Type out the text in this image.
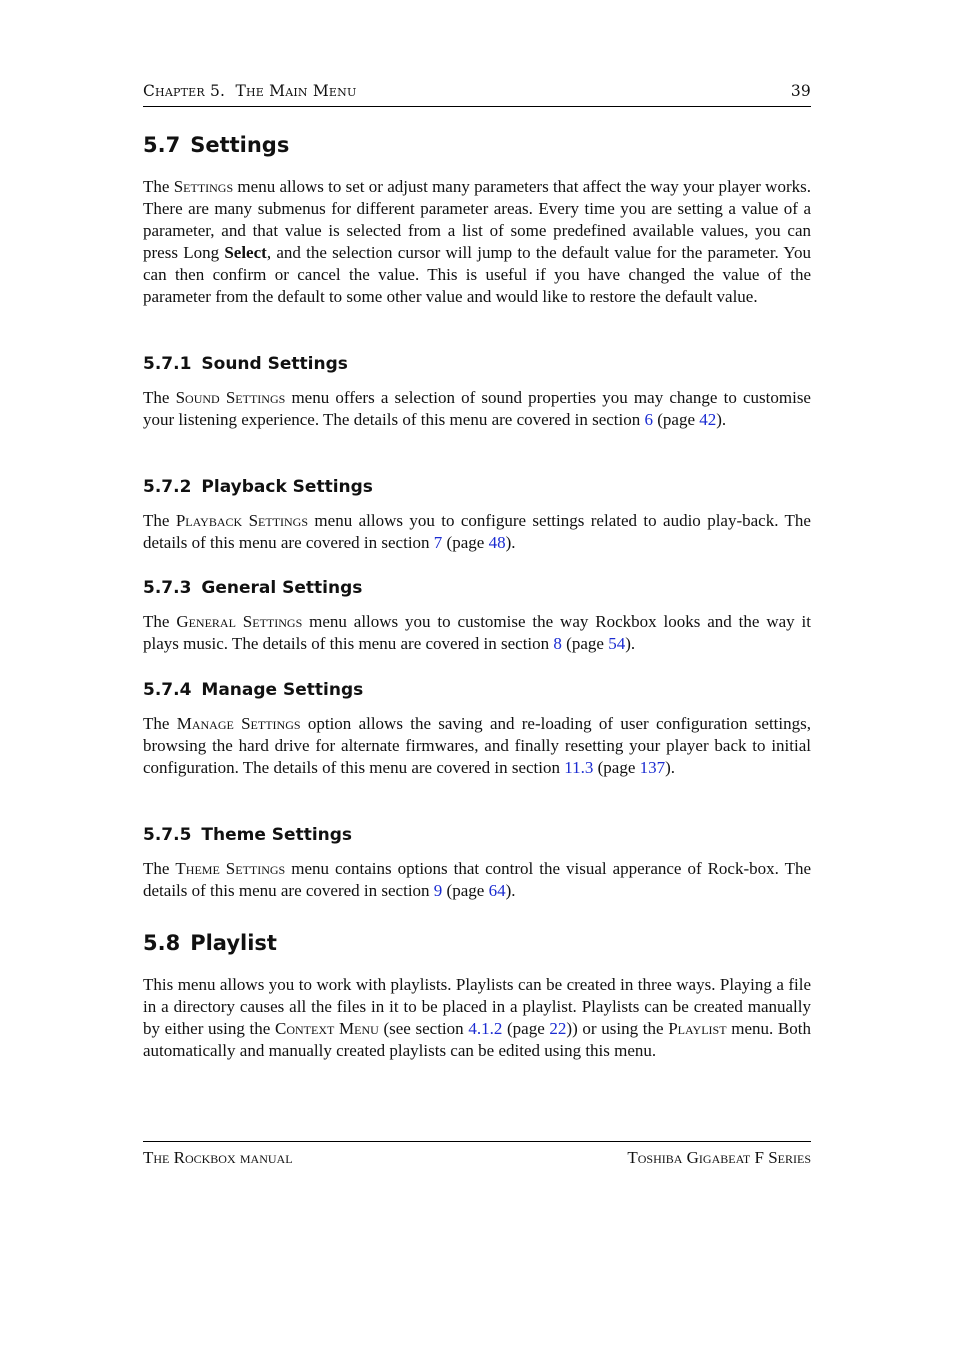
Chapter 5. The Main Menu	39
5.7 Settings

The Settings menu allows to set or adjust many parameters that affect the way your player works. There are many submenus for different parameter areas. Every time you are setting a value of a parameter, and that value is selected from a list of some predefined available values, you can press Long Select, and the selection cursor will jump to the default value for the parameter. You can then confirm or cancel the value. This is useful if you have changed the value of the parameter from the default to some other value and would like to restore the default value.

5.7.1 Sound Settings

The Sound Settings menu offers a selection of sound properties you may change to customise your listening experience. The details of this menu are covered in section 6 (page 42).

5.7.2 Playback Settings

The Playback Settings menu allows you to configure settings related to audio play-back. The details of this menu are covered in section 7 (page 48).

5.7.3 General Settings

The General Settings menu allows you to customise the way Rockbox looks and the way it plays music. The details of this menu are covered in section 8 (page 54).

5.7.4 Manage Settings

The Manage Settings option allows the saving and re-loading of user configuration settings, browsing the hard drive for alternate firmwares, and finally resetting your player back to initial configuration. The details of this menu are covered in section 11.3 (page 137).

5.7.5 Theme Settings

The Theme Settings menu contains options that control the visual apperance of Rock-box. The details of this menu are covered in section 9 (page 64).

5.8 Playlist

This menu allows you to work with playlists. Playlists can be created in three ways. Playing a file in a directory causes all the files in it to be placed in a playlist. Playlists can be created manually by either using the Context Menu (see section 4.1.2 (page 22)) or using the Playlist menu. Both automatically and manually created playlists can be edited using this menu.

The Rockbox manual	Toshiba Gigabeat F Series
